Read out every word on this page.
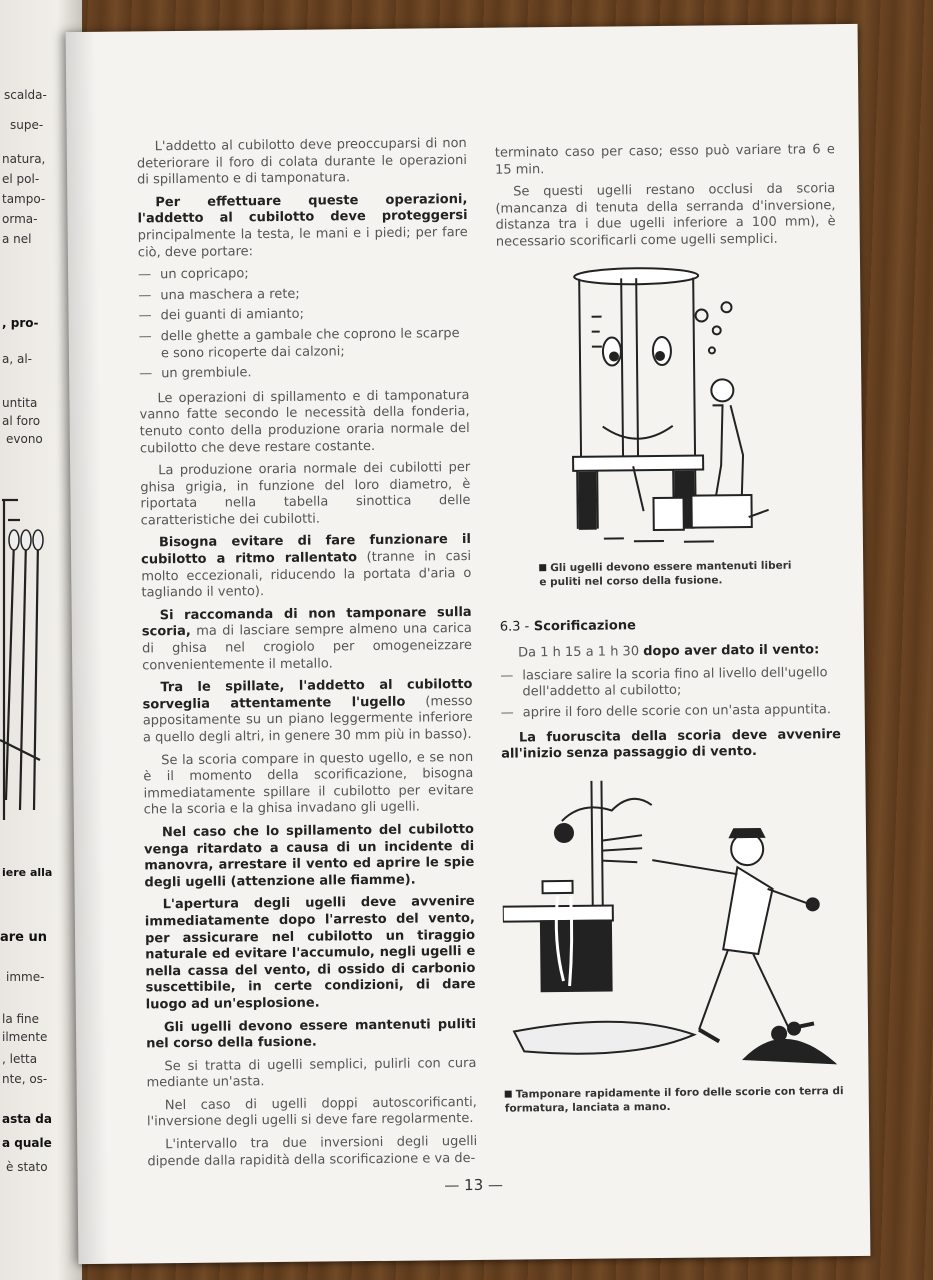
scalda-
supe-
natura,
el pol-
tampo-
orma-
a nel
, pro-
a, al-
untita
al foro
evono
iere alla
are un
imme-
la fine
ilmente
, letta
nte, os-
asta da
a quale
è stato

L'addetto al cubilotto deve preoccuparsi di non deteriorare il foro di colata durante le operazioni di spillamento e di tamponatura.

Per effettuare queste operazioni, l'addetto al cubilotto deve proteggersi principalmente la testa, le mani e i piedi; per fare ciò, deve portare:

— un copricapo;
— una maschera a rete;
— dei guanti di amianto;
— delle ghette a gambale che coprono le scarpe e sono ricoperte dai calzoni;
— un grembiule.

Le operazioni di spillamento e di tamponatura vanno fatte secondo le necessità della fonderia, tenuto conto della produzione oraria normale del cubilotto che deve restare costante.

La produzione oraria normale dei cubilotti per ghisa grigia, in funzione del loro diametro, è riportata nella tabella sinottica delle caratteristiche dei cubilotti.

Bisogna evitare di fare funzionare il cubilotto a ritmo rallentato (tranne in casi molto eccezionali, riducendo la portata d'aria o tagliando il vento).

Si raccomanda di non tamponare sulla scoria, ma di lasciare sempre almeno una carica di ghisa nel crogiolo per omogeneizzare convenientemente il metallo.

Tra le spillate, l'addetto al cubilotto sorveglia attentamente l'ugello (messo appositamente su un piano leggermente inferiore a quello degli altri, in genere 30 mm più in basso).

Se la scoria compare in questo ugello, e se non è il momento della scorificazione, bisogna immediatamente spillare il cubilotto per evitare che la scoria e la ghisa invadano gli ugelli.

Nel caso che lo spillamento del cubilotto venga ritardato a causa di un incidente di manovra, arrestare il vento ed aprire le spie degli ugelli (attenzione alle fiamme).

L'apertura degli ugelli deve avvenire immediatamente dopo l'arresto del vento, per assicurare nel cubilotto un tiraggio naturale ed evitare l'accumulo, negli ugelli e nella cassa del vento, di ossido di carbonio suscettibile, in certe condizioni, di dare luogo ad un'esplosione.

Gli ugelli devono essere mantenuti puliti nel corso della fusione.

Se si tratta di ugelli semplici, pulirli con cura mediante un'asta.

Nel caso di ugelli doppi autoscorificanti, l'inversione degli ugelli si deve fare regolarmente.

L'intervallo tra due inversioni degli ugelli dipende dalla rapidità della scorificazione e va de-

terminato caso per caso; esso può variare tra 6 e 15 min.

Se questi ugelli restano occlusi da scoria (mancanza di tenuta della serranda d'inversione, distanza tra i due ugelli inferiore a 100 mm), è necessario scorificarli come ugelli semplici.

Gli ugelli devono essere mantenuti liberi e puliti nel corso della fusione.
6.3 - Scorificazione

Da 1 h 15 a 1 h 30 dopo aver dato il vento:

— lasciare salire la scoria fino al livello dell'ugello dell'addetto al cubilotto;
— aprire il foro delle scorie con un'asta appuntita.

La fuoruscita della scoria deve avvenire all'inizio senza passaggio di vento.

Tamponare rapidamente il foro delle scorie con terra di formatura, lanciata a mano.
— 13 —
